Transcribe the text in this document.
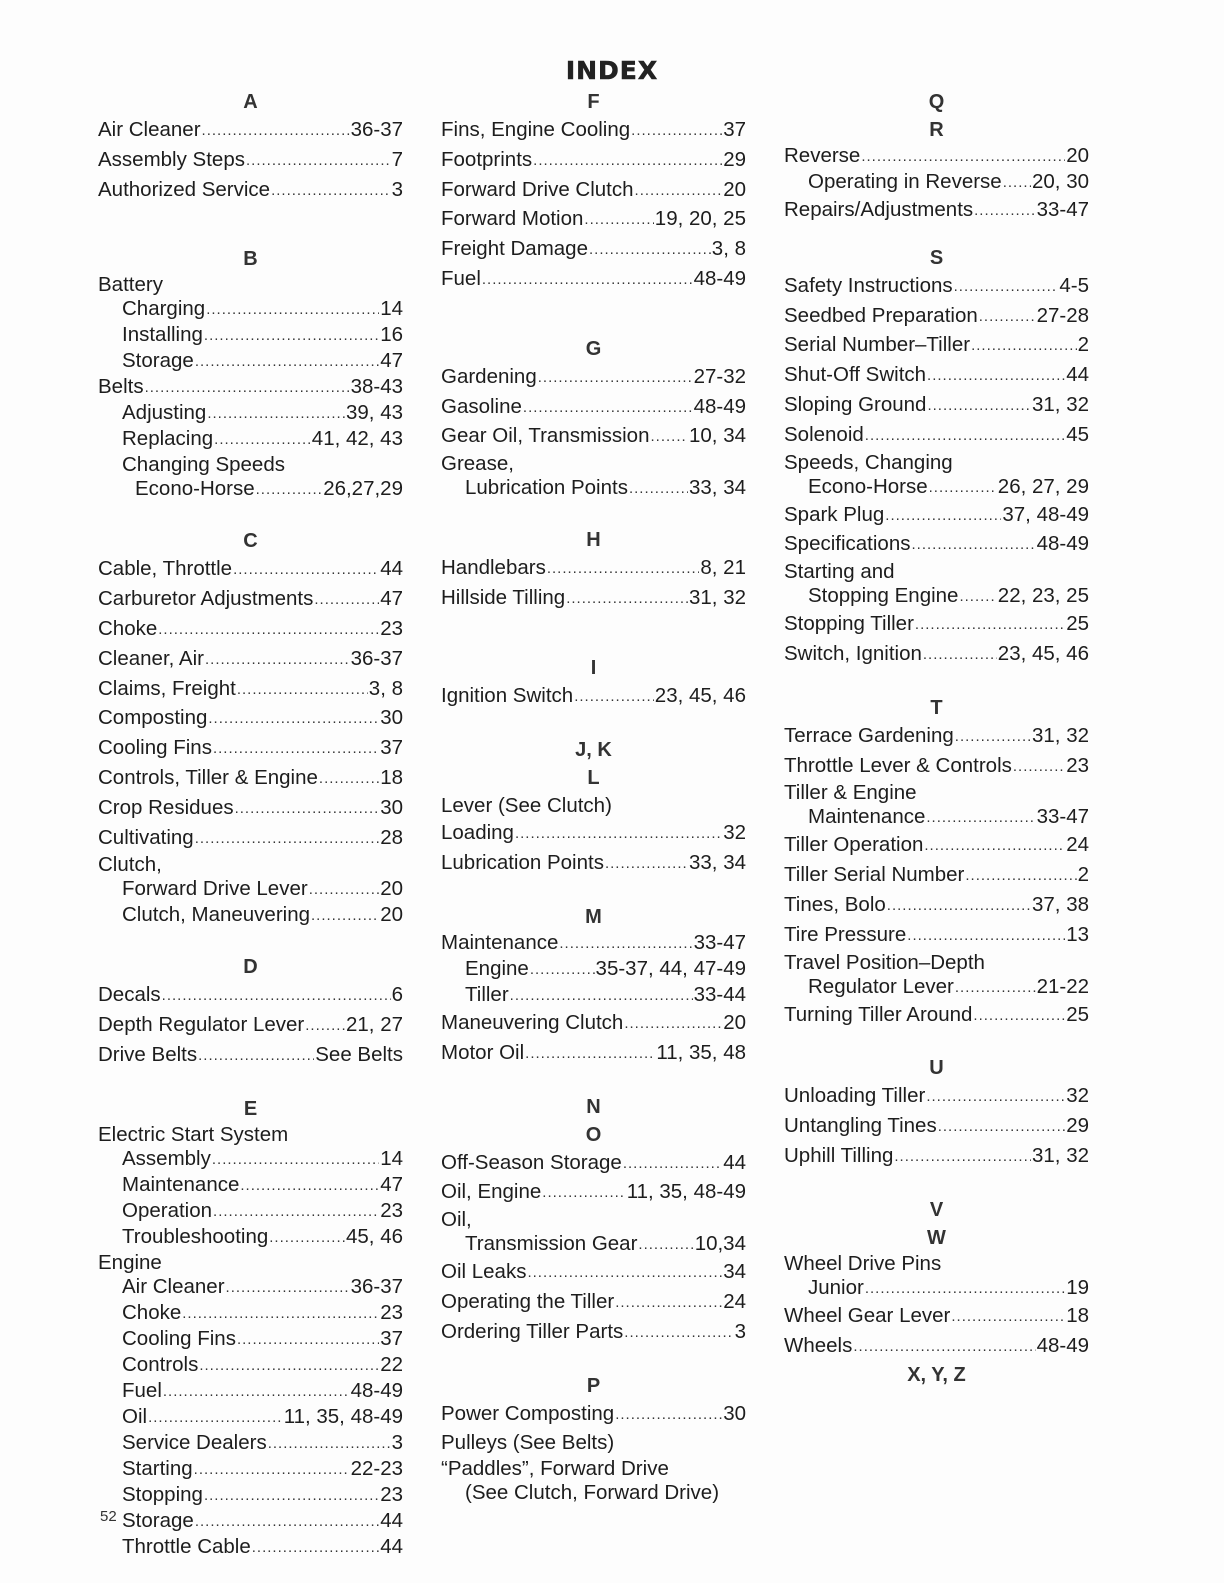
INDEX
A
Air Cleaner .....	36-37
Assembly Steps .....	7
Authorized Service .....	3
B
Battery
Charging .....	14
Installing .....	16
Storage .....	47
Belts .....	38-43
Adjusting .....	39, 43
Replacing .....	41, 42, 43
Changing Speeds
Econo-Horse .....	26,27,29
C
Cable, Throttle .....	44
Carburetor Adjustments .....	47
Choke .....	23
Cleaner, Air .....	36-37
Claims, Freight .....	3, 8
Composting .....	30
Cooling Fins .....	37
Controls, Tiller & Engine .....	18
Crop Residues .....	30
Cultivating .....	28
Clutch,
Forward Drive Lever .....	20
Clutch, Maneuvering .....	20
D
Decals .....	6
Depth Regulator Lever ..... 21, 27
Drive Belts .....	See Belts
E
Electric Start System
Assembly .....	14
Maintenance .....	47
Operation .....	23
Troubleshooting .....	45, 46
Engine
Air Cleaner .....	36-37
Choke .....	23
Cooling Fins .....	37
Controls .....	22
Fuel .....	48-49
Oil .....	11, 35, 48-49
Service Dealers .....	3
Starting .....	22-23
Stopping .....	23
Storage .....	44
Throttle Cable .....	44
F
Fins, Engine Cooling .....	37
Footprints .....	29
Forward Drive Clutch .....	20
Forward Motion .....	19, 20, 25
Freight Damage .....	3, 8
Fuel .....	48-49
G
Gardening .....	27-32
Gasoline .....	48-49
Gear Oil, Transmission ..... 10, 34
Grease,
Lubrication Points .....	33, 34
H
Handlebars .....	8, 21
Hillside Tilling .....	31, 32
I
Ignition Switch .....	23, 45, 46
J, K
L
Lever (See Clutch)
Loading .....	32
Lubrication Points .....	33, 34
M
Maintenance .....	33-47
Engine .....	35-37, 44, 47-49
Tiller .....	33-44
Maneuvering Clutch .....	20
Motor Oil .....	11, 35, 48
N
O
Off-Season Storage .....	44
Oil, Engine .....	11, 35, 48-49
Oil,
Transmission Gear .....	10,34
Oil Leaks .....	34
Operating the Tiller .....	24
Ordering Tiller Parts .....	3
P
Power Composting .....	30
Pulleys (See Belts)
“Paddles”, Forward Drive
(See Clutch, Forward Drive)
Q
R
Reverse .....	20
Operating in Reverse ..... 20, 30
Repairs/Adjustments .....	33-47
S
Safety Instructions .....	4-5
Seedbed Preparation .....	27-28
Serial Number–Tiller .....	2
Shut-Off Switch .....	44
Sloping Ground .....	31, 32
Solenoid .....	45
Speeds, Changing
Econo-Horse .....	26, 27, 29
Spark Plug .....	37, 48-49
Specifications .....	48-49
Starting and
Stopping Engine ..... 22, 23, 25
Stopping Tiller .....	25
Switch, Ignition .....	23, 45, 46
T
Terrace Gardening .....	31, 32
Throttle Lever & Controls .....	23
Tiller & Engine
Maintenance .....	33-47
Tiller Operation .....	24
Tiller Serial Number .....	2
Tines, Bolo .....	37, 38
Tire Pressure .....	13
Travel Position–Depth
Regulator Lever .....	21-22
Turning Tiller Around .....	25
U
Unloading Tiller .....	32
Untangling Tines .....	29
Uphill Tilling .....	31, 32
V
W
Wheel Drive Pins
Junior .....	19
Wheel Gear Lever .....	18
Wheels .....	48-49
X, Y, Z
52
